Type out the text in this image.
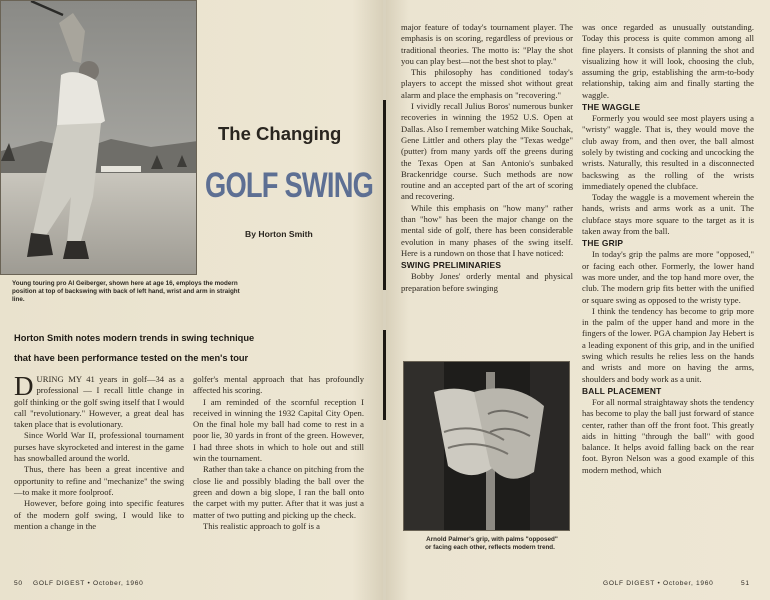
Young touring pro Al Geiberger, shown here at age 16, employs the modern position at top of backswing with back of left hand, wrist and arm in straight line.
The Changing
GOLF SWING
By Horton Smith
Horton Smith notes modern trends in swing technique
that have been performance tested on the men's tour

DURING MY 41 years in golf—34 as a professional — I recall little change in golf thinking or the golf swing itself that I would call "revolutionary." However, a great deal has taken place that is evolutionary.

Since World War II, professional tournament purses have skyrocketed and interest in the game has snowballed around the world.

Thus, there has been a great incentive and opportunity to refine and "mechanize" the swing—to make it more foolproof.

However, before going into specific features of the modern golf swing, I would like to mention a change in the

golfer's mental approach that has profoundly affected his scoring.

I am reminded of the scornful reception I received in winning the 1932 Capital City Open. On the final hole my ball had come to rest in a poor lie, 30 yards in front of the green. However, I had three shots in which to hole out and still win the tournament.

Rather than take a chance on pitching from the close lie and possibly blading the ball over the green and down a big slope, I ran the ball onto the carpet with my putter. After that it was just a matter of two putting and picking up the check.

This realistic approach to golf is a

50 GOLF DIGEST • October, 1960

major feature of today's tournament player. The emphasis is on scoring, regardless of previous or traditional theories. The motto is: "Play the shot you can play best—not the best shot to play."

This philosophy has conditioned today's players to accept the missed shot without great alarm and place the emphasis on "recovering."

I vividly recall Julius Boros' numerous bunker recoveries in winning the 1952 U.S. Open at Dallas. Also I remember watching Mike Souchak, Gene Littler and others play the "Texas wedge" (putter) from many yards off the greens during the Texas Open at San Antonio's sunbaked Brackenridge course. Such methods are now routine and an accepted part of the art of scoring and recovering.

While this emphasis on "how many" rather than "how" has been the major change on the mental side of golf, there has been considerable evolution in many phases of the swing itself. Here is a rundown on those that I have noticed:

SWING PRELIMINARIES

Bobby Jones' orderly mental and physical preparation before swinging

Arnold Palmer's grip, with palms "opposed"
or facing each other, reflects modern trend.

was once regarded as unusually outstanding. Today this process is quite common among all fine players. It consists of planning the shot and visualizing how it will look, choosing the club, assuming the grip, establishing the arm-to-body relationship, taking aim and finally starting the waggle.

THE WAGGLE

Formerly you would see most players using a "wristy" waggle. That is, they would move the club away from, and then over, the ball almost solely by twisting and cocking and uncocking the wrists. Naturally, this resulted in a disconnected backswing as the rolling of the wrists immediately opened the clubface.

Today the waggle is a movement wherein the hands, wrists and arms work as a unit. The clubface stays more square to the target as it is taken away from the ball.

THE GRIP

In today's grip the palms are more "opposed," or facing each other. Formerly, the lower hand was more under, and the top hand more over, the club. The modern grip fits better with the unified or square swing as opposed to the wristy type.

I think the tendency has become to grip more in the palm of the upper hand and more in the fingers of the lower. PGA champion Jay Hebert is a leading exponent of this grip, and in the unified swing which results he relies less on the hands and wrists and more on having the arms, shoulders and body work as a unit.

BALL PLACEMENT

For all normal straightaway shots the tendency has become to play the ball just forward of stance center, rather than off the front foot. This greatly aids in hitting "through the ball" with good balance. It helps avoid falling back on the rear foot. Byron Nelson was a good example of this modern method, which

GOLF DIGEST • October, 1960	51
